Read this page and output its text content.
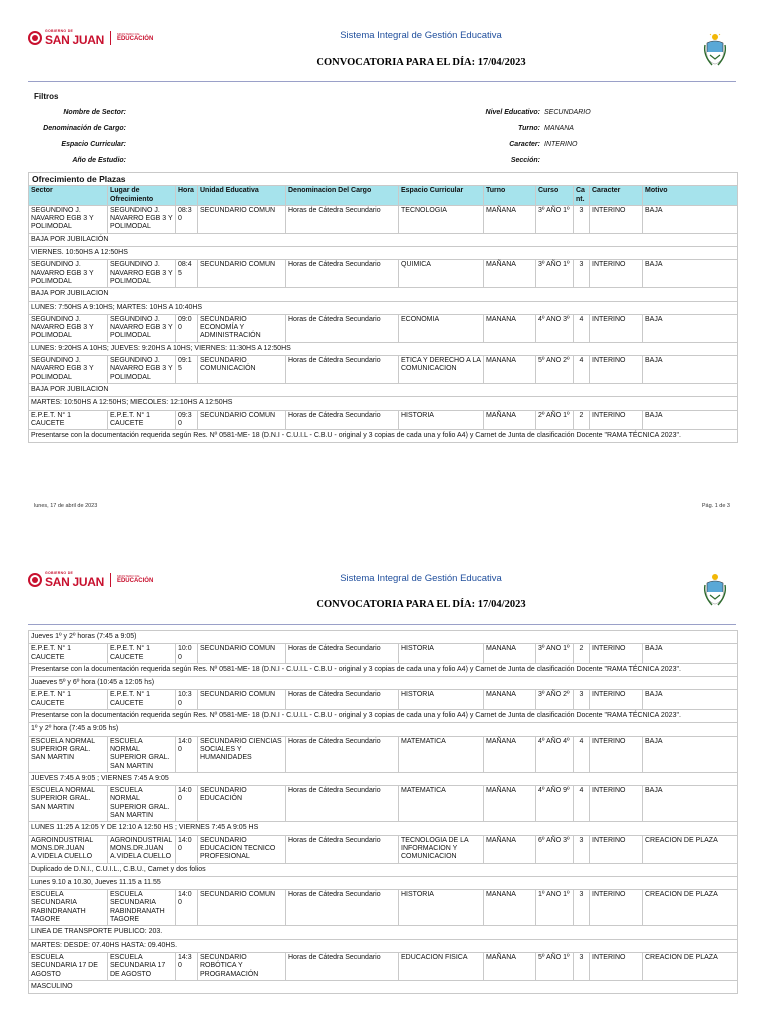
GOBIERNO DE
SAN JUAN	MINISTERIO DE
EDUCACIÓN	Sistema Integral de Gestión Educativa
CONVOCATORIA PARA EL DÍA: 17/04/2023
Filtros
Nombre de Sector:
Denominación de Cargo:
Espacio Curricular:
Año de Estudio:
Nivel Educativo: SECUNDARIO
Turno: MANANA
Caracter: INTERINO
Sección:
Ofrecimiento de Plazas										
Sector	Lugar de Ofrecimiento	Hora	Unidad Educativa	Denominacion Del Cargo	Espacio Curricular	Turno	Curso	Cant.	Caracter	Motivo
SEGUNDINO J. NAVARRO EGB 3 Y POLIMODAL	SEGUNDINO J. NAVARRO EGB 3 Y POLIMODAL	08:30	SECUNDARIO COMUN	Horas de Cátedra Secundario	TECNOLOGIA	MAÑANA	3º AÑO 1º	3	INTERINO	BAJA
BAJA POR JUBILACIÓN										
VIERNES. 10:50HS A 12:50HS										
SEGUNDINO J. NAVARRO EGB 3 Y POLIMODAL	SEGUNDINO J. NAVARRO EGB 3 Y POLIMODAL	08:45	SECUNDARIO COMUN	Horas de Cátedra Secundario	QUIMICA	MAÑANA	3º AÑO 1º	3	INTERINO	BAJA
BAJA POR JUBILACION										
LUNES: 7:50HS A 9:10HS; MARTES: 10HS A 10:40HS										
SEGUNDINO J. NAVARRO EGB 3 Y POLIMODAL	SEGUNDINO J. NAVARRO EGB 3 Y POLIMODAL	09:00	SECUNDARIO ECONOMÍA Y ADMINISTRACIÓN	Horas de Cátedra Secundario	ECONOMIA	MANANA	4º ANO 3º	4	INTERINO	BAJA
LUNES: 9:20HS A 10HS; JUEVES: 9:20HS A 10HS; VIERNES: 11:30HS A 12:50HS										
SEGUNDINO J. NAVARRO EGB 3 Y POLIMODAL	SEGUNDINO J. NAVARRO EGB 3 Y POLIMODAL	09:15	SECUNDARIO COMUNICACIÓN	Horas de Cátedra Secundario	ETICA Y DERECHO A LA COMUNICACION	MANANA	5º ANO 2º	4	INTERINO	BAJA
BAJA POR JUBILACION										
MARTES: 10:50HS A 12:50HS; MIECOLES: 12:10HS A 12:50HS										
E.P.E.T. N° 1 CAUCETE	E.P.E.T. N° 1 CAUCETE	09:30	SECUNDARIO COMUN	Horas de Cátedra Secundario	HISTORIA	MAÑANA	2º AÑO 1º	2	INTERINO	BAJA
Presentarse con la documentación requerida según Res. Nº 0581-ME- 18 (D.N.I - C.U.I.L - C.B.U - original y 3 copias de cada una y folio A4) y Carnet de Junta de clasificación Docente "RAMA TÉCNICA 2023".										
lunes, 17 de abril de 2023	Pág. 1 de 3
GOBIERNO DE
SAN JUAN	MINISTERIO DE
EDUCACIÓN	Sistema Integral de Gestión Educativa
CONVOCATORIA PARA EL DÍA: 17/04/2023
Jueves 1º y 2º horas (7:45 a 9:05)										
E.P.E.T. N° 1 CAUCETE	E.P.E.T. N° 1 CAUCETE	10:00	SECUNDARIO COMUN	Horas de Cátedra Secundario	HISTORIA	MANANA	3º ANO 1º	2	INTERINO	BAJA
Presentarse con la documentación requerida según Res. Nº 0581-ME- 18 (D.N.I - C.U.I.L - C.B.U - original y 3 copias de cada una y folio A4) y Carnet de Junta de clasificación Docente "RAMA TÉCNICA 2023".										
Juaeves 5º y 6º hora (10:45 a 12:05 hs)										
E.P.E.T. N° 1 CAUCETE	E.P.E.T. N° 1 CAUCETE	10:30	SECUNDARIO COMUN	Horas de Cátedra Secundario	HISTORIA	MANANA	3º AÑO 2º	3	INTERINO	BAJA
Presentarse con la documentación requerida según Res. Nº 0581-ME- 18 (D.N.I - C.U.I.L - C.B.U - original y 3 copias de cada una y folio A4) y Carnet de Junta de clasificación Docente "RAMA TÉCNICA 2023".										
1º y 2º hora (7:45 a 9:05 hs)										
ESCUELA NORMAL SUPERIOR GRAL. SAN MARTIN	ESCUELA NORMAL SUPERIOR GRAL. SAN MARTIN	14:00	SECUNDARIO CIENCIAS SOCIALES Y HUMANIDADES	Horas de Cátedra Secundario	MATEMATICA	MAÑANA	4º AÑO 4º	4	INTERINO	BAJA
JUEVES 7:45 A 9:05 ; VIERNES 7:45 A 9:05										
ESCUELA NORMAL SUPERIOR GRAL. SAN MARTIN	ESCUELA NORMAL SUPERIOR GRAL. SAN MARTIN	14:00	SECUNDARIO EDUCACIÓN	Horas de Cátedra Secundario	MATEMATICA	MAÑANA	4º AÑO 9º	4	INTERINO	BAJA
LUNES 11:25 A 12:05 Y DE 12:10 A 12:50 HS ; VIERNES 7:45 A 9:05 HS										
AGROINDUSTRIAL MONS.DR.JUAN A.VIDELA CUELLO	AGROINDUSTRIAL MONS.DR.JUAN A.VIDELA CUELLO	14:00	SECUNDARIO EDUCACION TECNICO PROFESIONAL	Horas de Cátedra Secundario	TECNOLOGIA DE LA INFORMACION Y COMUNICACION	MAÑANA	6º AÑO 3º	3	INTERINO	CREACION DE PLAZA
Duplicado de D.N.I., C.U.I.L., C.B.U., Carnet y dos folios										
Lunes 9.10 a 10.30, Jueves 11.15 a 11.55										
ESCUELA SECUNDARIA RABINDRANATH TAGORE	ESCUELA SECUNDARIA RABINDRANATH TAGORE	14:00	SECUNDARIO COMUN	Horas de Cátedra Secundario	HISTORIA	MANANA	1º ANO 1º	3	INTERINO	CREACION DE PLAZA
LINEA DE TRANSPORTE PUBLICO: 203.										
MARTES: DESDE: 07.40HS HASTA: 09.40HS.										
ESCUELA SECUNDARIA 17 DE AGOSTO	ESCUELA SECUNDARIA 17 DE AGOSTO	14:30	SECUNDARIO ROBÓTICA Y PROGRAMACIÓN	Horas de Cátedra Secundario	EDUCACION FISICA	MAÑANA	5º AÑO 1º	3	INTERINO	CREACION DE PLAZA
MASCULINO										
